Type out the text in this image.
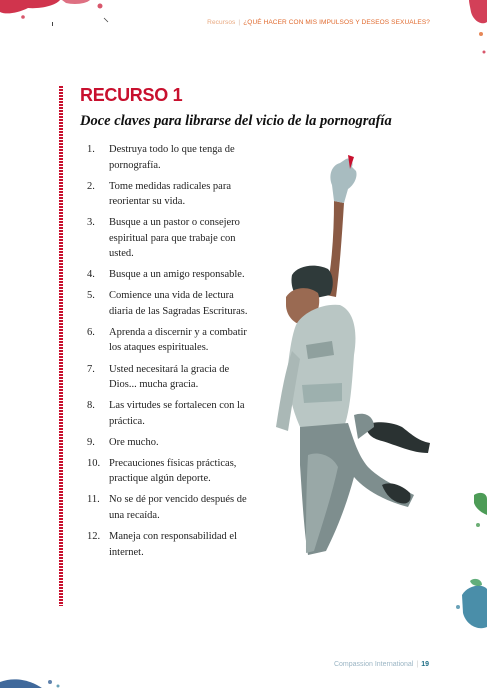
Recursos | ¿QUÉ HACER CON MIS IMPULSOS Y DESEOS SEXUALES?
RECURSO 1
Doce claves para librarse del vicio de la pornografía
1.	Destruya todo lo que tenga de pornografía.
2.	Tome medidas radicales para reorientar su vida.
3.	Busque a un pastor o consejero espiritual para que trabaje con usted.
4.	Busque a un amigo responsable.
5.	Comience una vida de lectura diaria de las Sagradas Escrituras.
6.	Aprenda a discernir y a combatir los ataques espirituales.
7.	Usted necesitará la gracia de Dios... mucha gracia.
8.	Las virtudes se fortalecen con la práctica.
9.	Ore mucho.
10. Precauciones físicas prácticas, practique algún deporte.
11. No se dé por vencido después de una recaída.
12. Maneja con responsabilidad el internet.
Compassion International | 19
